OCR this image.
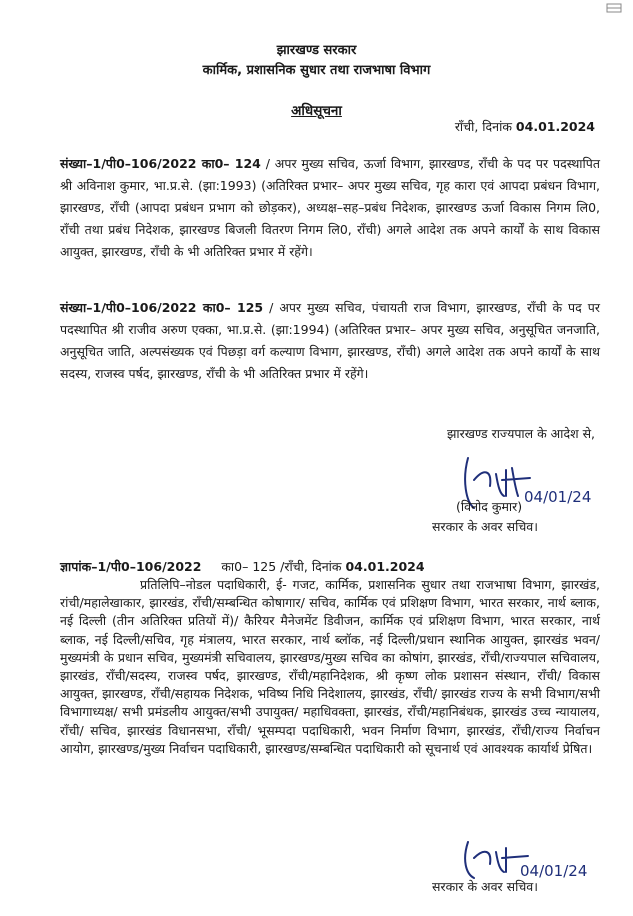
झारखण्ड सरकार
कार्मिक, प्रशासनिक सुधार तथा राजभाषा विभाग
अधिसूचना
राँची, दिनांक 04.01.2024
संख्या–1/पी0–106/2022 का0– 124 / अपर मुख्य सचिव, ऊर्जा विभाग, झारखण्ड, राँची के पद पर पदस्थापित श्री अविनाश कुमार, भा.प्र.से. (झा:1993) (अतिरिक्त प्रभार– अपर मुख्य सचिव, गृह कारा एवं आपदा प्रबंधन विभाग, झारखण्ड, राँची (आपदा प्रबंधन प्रभाग को छोड़कर), अध्यक्ष–सह–प्रबंध निदेशक, झारखण्ड ऊर्जा विकास निगम लि0, राँची तथा प्रबंध निदेशक, झारखण्ड बिजली वितरण निगम लि0, राँची) अगले आदेश तक अपने कार्यों के साथ विकास आयुक्त, झारखण्ड, राँची के भी अतिरिक्त प्रभार में रहेंगे।
संख्या–1/पी0–106/2022 का0– 125 / अपर मुख्य सचिव, पंचायती राज विभाग, झारखण्ड, राँची के पद पर पदस्थापित श्री राजीव अरुण एक्का, भा.प्र.से. (झा:1994) (अतिरिक्त प्रभार– अपर मुख्य सचिव, अनुसूचित जनजाति, अनुसूचित जाति, अल्पसंख्यक एवं पिछड़ा वर्ग कल्याण विभाग, झारखण्ड, राँची) अगले आदेश तक अपने कार्यों के साथ सदस्य, राजस्व पर्षद, झारखण्ड, राँची के भी अतिरिक्त प्रभार में रहेंगे।
झारखण्ड राज्यपाल के आदेश से,
04/01/24
(विनोद कुमार)
सरकार के अवर सचिव।
ज्ञापांक–1/पी0–106/2022 का0– 125 /राँची, दिनांक 04.01.2024
प्रतिलिपि–नोडल पदाधिकारी, ई- गजट, कार्मिक, प्रशासनिक सुधार तथा राजभाषा विभाग, झारखंड, रांची/महालेखाकार, झारखंड, राँची/सम्बन्धित कोषागार/ सचिव, कार्मिक एवं प्रशिक्षण विभाग, भारत सरकार, नार्थ ब्लाक, नई दिल्ली (तीन अतिरिक्त प्रतियों में)/ कैरियर मैनेजमेंट डिवीजन, कार्मिक एवं प्रशिक्षण विभाग, भारत सरकार, नार्थ ब्लाक, नई दिल्ली/सचिव, गृह मंत्रालय, भारत सरकार, नार्थ ब्लॉक, नई दिल्ली/प्रधान स्थानिक आयुक्त, झारखंड भवन/मुख्यमंत्री के प्रधान सचिव, मुख्यमंत्री सचिवालय, झारखण्ड/मुख्य सचिव का कोषांग, झारखंड, राँची/राज्यपाल सचिवालय, झारखंड, राँची/सदस्य, राजस्व पर्षद, झारखण्ड, राँची/महानिदेशक, श्री कृष्ण लोक प्रशासन संस्थान, राँची/ विकास आयुक्त, झारखण्ड, राँची/सहायक निदेशक, भविष्य निधि निदेशालय, झारखंड, राँची/ झारखंड राज्य के सभी विभाग/सभी विभागाध्यक्ष/ सभी प्रमंडलीय आयुक्त/सभी उपायुक्त/ महाधिवक्ता, झारखंड, राँची/महानिबंधक, झारखंड उच्च न्यायालय, राँची/ सचिव, झारखंड विधानसभा, राँची/ भूसम्पदा पदाधिकारी, भवन निर्माण विभाग, झारखंड, राँची/राज्य निर्वाचन आयोग, झारखण्ड/मुख्य निर्वाचन पदाधिकारी, झारखण्ड/सम्बन्धित पदाधिकारी को सूचनार्थ एवं आवश्यक कार्यार्थ प्रेषित।
04/01/24
सरकार के अवर सचिव।
